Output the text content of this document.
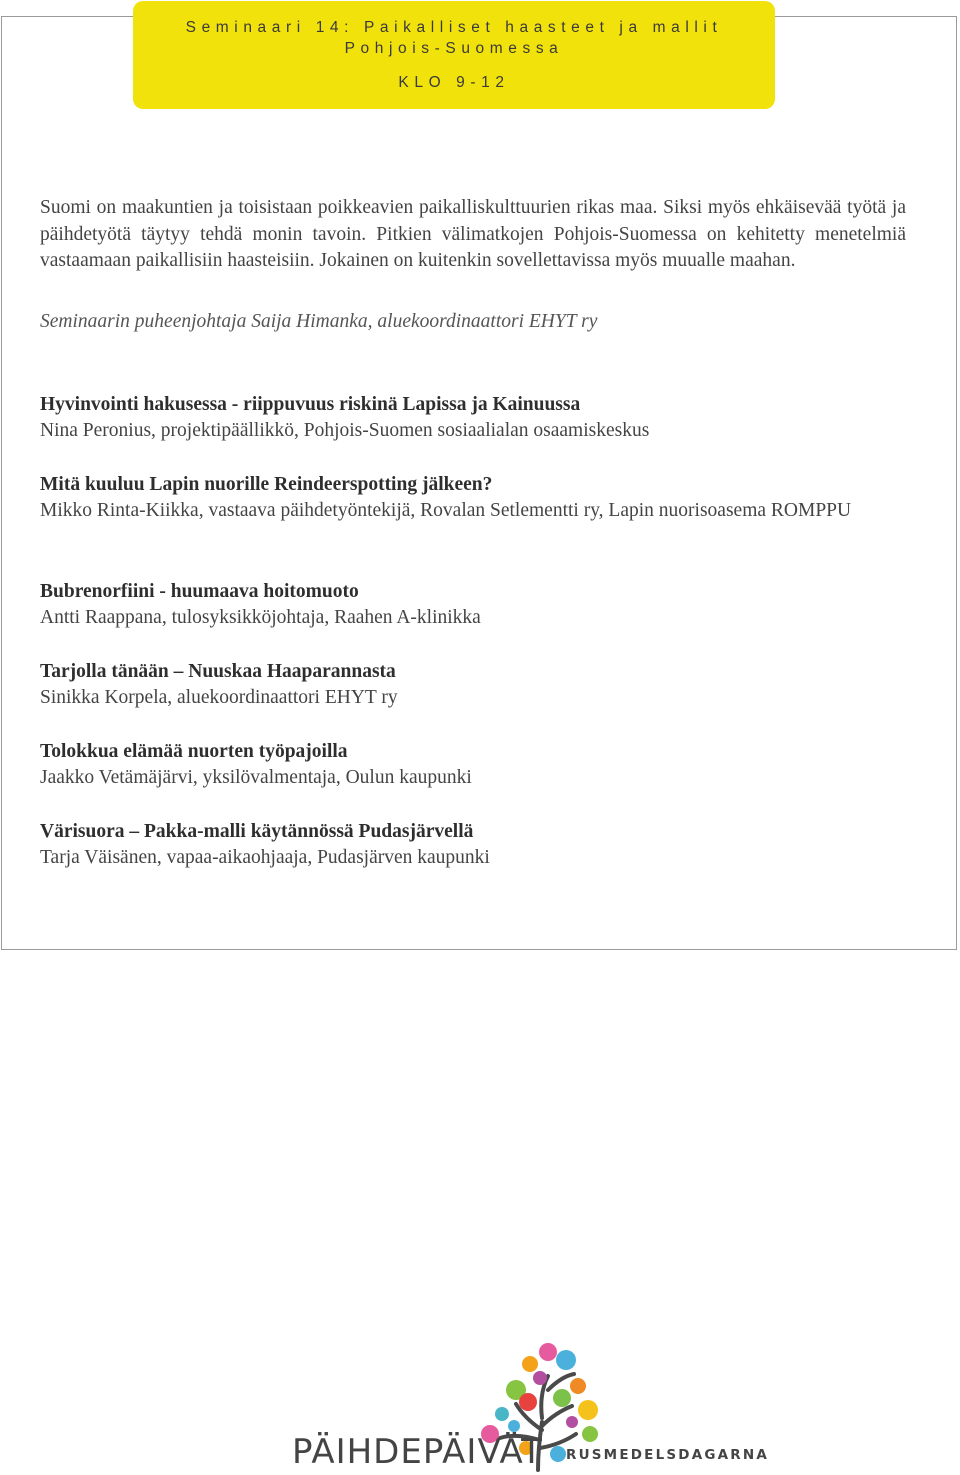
Seminaari 14: Paikalliset haasteet ja mallit
Pohjois-Suomessa
KLO 9-12

Suomi on maakuntien ja toisistaan poikkeavien paikalliskulttuurien rikas maa. Siksi myös ehkäisevää työtä ja päihdetyötä täytyy tehdä monin tavoin. Pitkien välimatkojen Pohjois-Suomessa on kehitetty menetelmiä vastaamaan paikallisiin haasteisiin. Jokainen on kuitenkin sovellettavissa myös muualle maahan.

Seminaarin puheenjohtaja Saija Himanka, aluekoordinaattori EHYT ry
Hyvinvointi hakusessa - riippuvuus riskinä Lapissa ja Kainuussa
Nina Peronius, projektipäällikkö, Pohjois-Suomen sosiaalialan osaamiskeskus
Mitä kuuluu Lapin nuorille Reindeerspotting jälkeen?
Mikko Rinta-Kiikka, vastaava päihdetyöntekijä, Rovalan Setlementti ry, Lapin nuorisoasema ROMPPU
Bubrenorfiini - huumaava hoitomuoto
Antti Raappana, tulosyksikköjohtaja, Raahen A-klinikka
Tarjolla tänään – Nuuskaa Haaparannasta
Sinikka Korpela, aluekoordinaattori EHYT ry
Tolokkua elämää nuorten työpajoilla
Jaakko Vetämäjärvi, yksilövalmentaja, Oulun kaupunki
Värisuora – Pakka-malli käytännössä Pudasjärvellä
Tarja Väisänen, vapaa-aikaohjaaja, Pudasjärven kaupunki
PÄIHDEPÄIVÄT RUSMEDELSDAGARNA
